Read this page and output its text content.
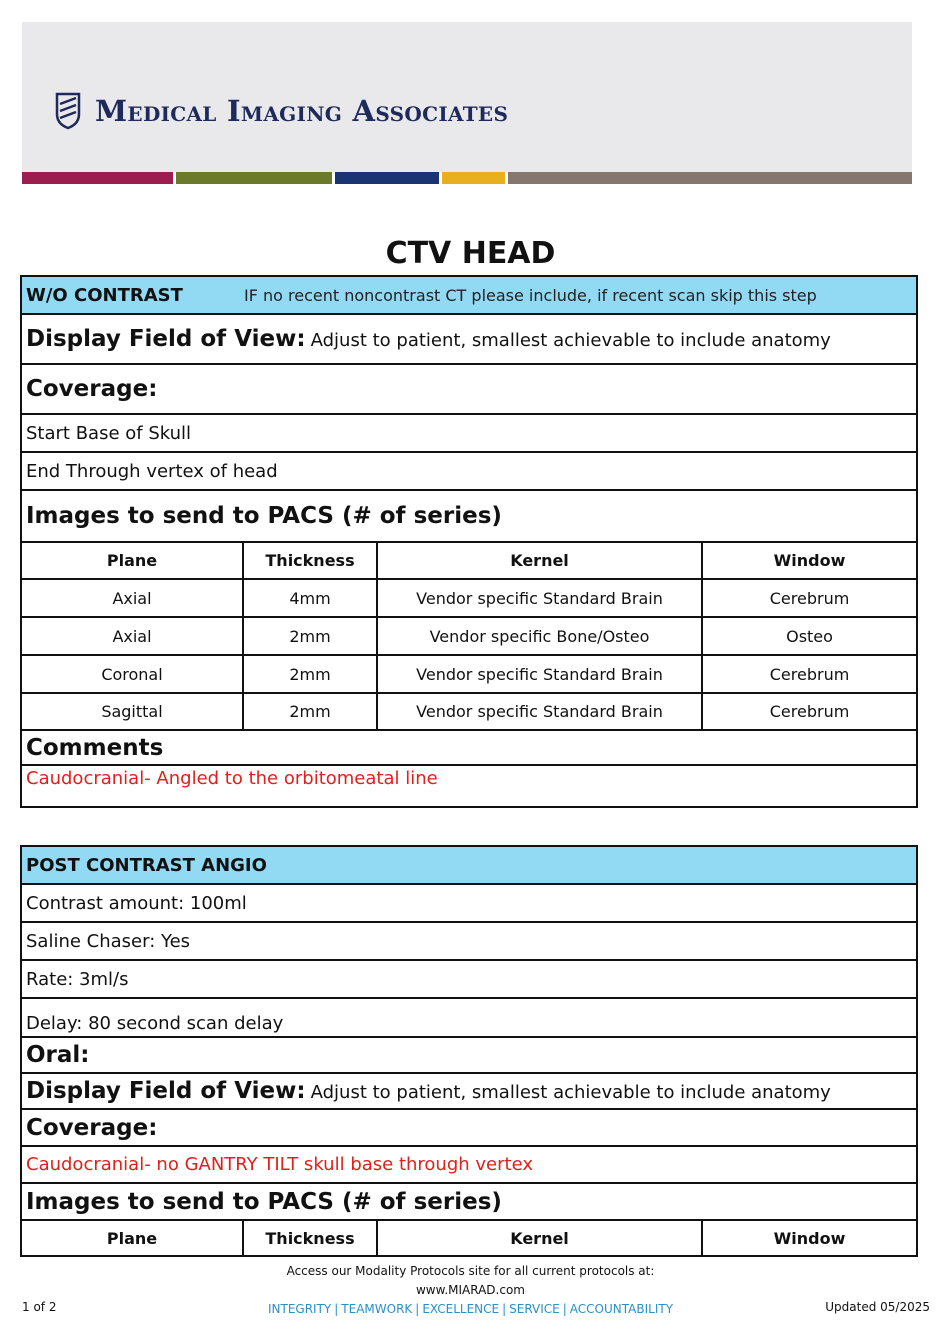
Medical Imaging Associates
CTV HEAD
W/O CONTRAST IF no recent noncontrast CT please include, if recent scan skip this step			
Display Field of View: Adjust to patient, smallest achievable to include anatomy			
Coverage:			
Start Base of Skull			
End Through vertex of head			
Images to send to PACS (# of series)			
Plane	Thickness	Kernel	Window
Axial	4mm	Vendor specific Standard Brain	Cerebrum
Axial	2mm	Vendor specific Bone/Osteo	Osteo
Coronal	2mm	Vendor specific Standard Brain	Cerebrum
Sagittal	2mm	Vendor specific Standard Brain	Cerebrum
Comments			
Caudocranial- Angled to the orbitomeatal line			
POST CONTRAST ANGIO
Contrast amount: 100ml
Saline Chaser: Yes
Rate: 3ml/s
Delay: 80 second scan delay
Oral:
Display Field of View: Adjust to patient, smallest achievable to include anatomy
Coverage:
Caudocranial- no GANTRY TILT skull base through vertex
Images to send to PACS (# of series)
Plane	Thickness	Kernel	Window
Access our Modality Protocols site for all current protocols at:
www.MIARAD.com
INTEGRITY | TEAMWORK | EXCELLENCE | SERVICE | ACCOUNTABILITY
1 of 2	Updated 05/2025
